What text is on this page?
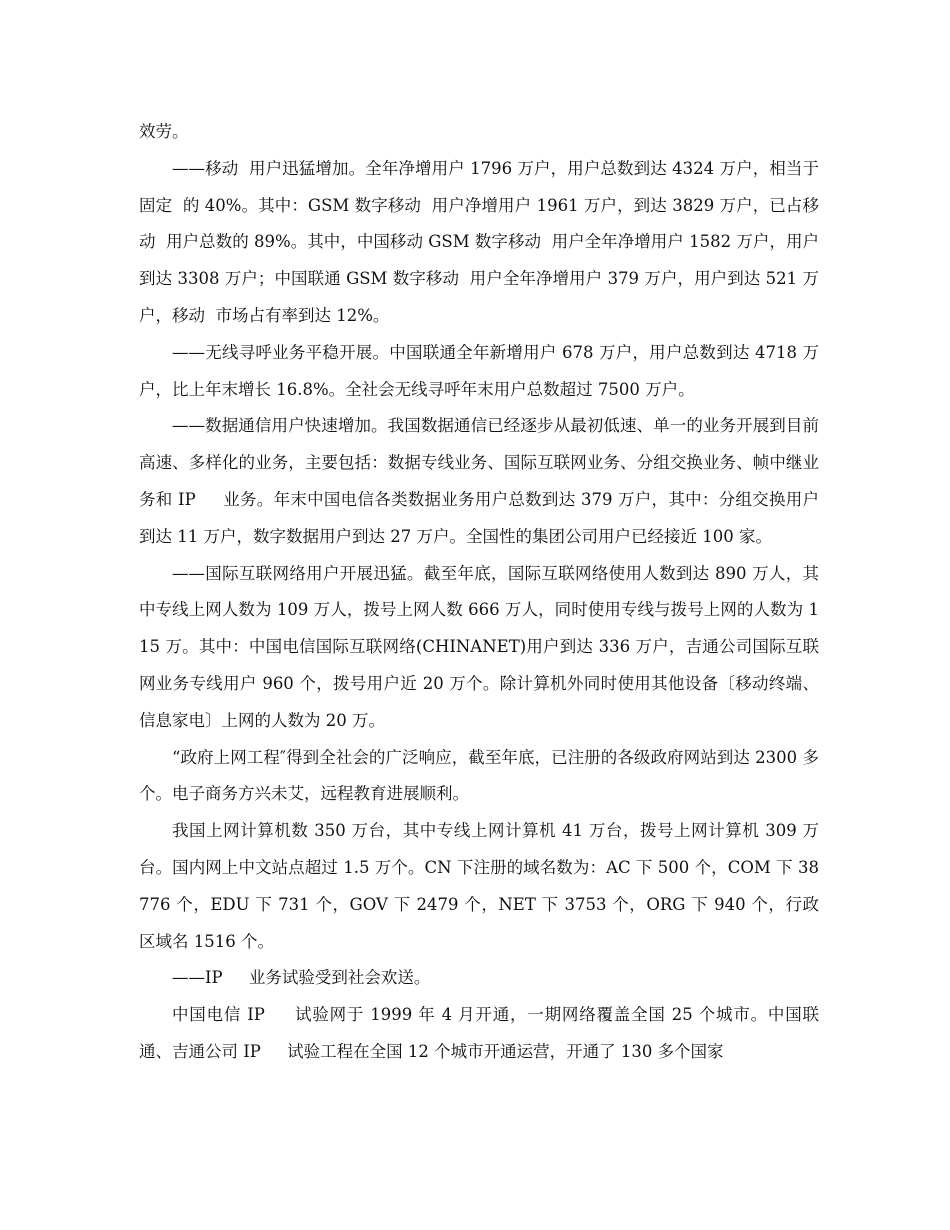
效劳。

——移动  用户迅猛增加。全年净增用户 1796 万户，用户总数到达 4324 万户，相当于固定  的 40%。其中：GSM 数字移动  用户净增用户 1961 万户，到达 3829 万户，已占移动  用户总数的 89%。其中，中国移动 GSM 数字移动  用户全年净增用户 1582 万户，用户到达 3308 万户；中国联通 GSM 数字移动  用户全年净增用户 379 万户，用户到达 521 万户，移动  市场占有率到达 12%。

——无线寻呼业务平稳开展。中国联通全年新增用户 678 万户，用户总数到达 4718 万户，比上年末增长 16.8%。全社会无线寻呼年末用户总数超过 7500 万户。

——数据通信用户快速增加。我国数据通信已经逐步从最初低速、单一的业务开展到目前高速、多样化的业务，主要包括：数据专线业务、国际互联网业务、分组交换业务、帧中继业务和 IP     业务。年末中国电信各类数据业务用户总数到达 379 万户，其中：分组交换用户到达 11 万户，数字数据用户到达 27 万户。全国性的集团公司用户已经接近 100 家。

——国际互联网络用户开展迅猛。截至年底，国际互联网络使用人数到达 890 万人，其中专线上网人数为 109 万人，拨号上网人数 666 万人，同时使用专线与拨号上网的人数为 115 万。其中：中国电信国际互联网络(CHINANET)用户到达 336 万户，吉通公司国际互联网业务专线用户 960 个，拨号用户近 20 万个。除计算机外同时使用其他设备〔移动终端、信息家电〕上网的人数为 20 万。

“政府上网工程″得到全社会的广泛响应，截至年底，已注册的各级政府网站到达 2300 多个。电子商务方兴未艾，远程教育进展顺利。

我国上网计算机数 350 万台，其中专线上网计算机 41 万台，拨号上网计算机 309 万台。国内网上中文站点超过 1.5 万个。CN 下注册的域名数为：AC 下 500 个，COM 下 38776 个，EDU 下 731 个，GOV 下 2479 个，NET 下 3753 个，ORG 下 940 个，行政区域名 1516 个。

——IP     业务试验受到社会欢送。

中国电信 IP     试验网于 1999 年 4 月开通，一期网络覆盖全国 25 个城市。中国联通、吉通公司 IP     试验工程在全国 12 个城市开通运营，开通了 130 多个国家
